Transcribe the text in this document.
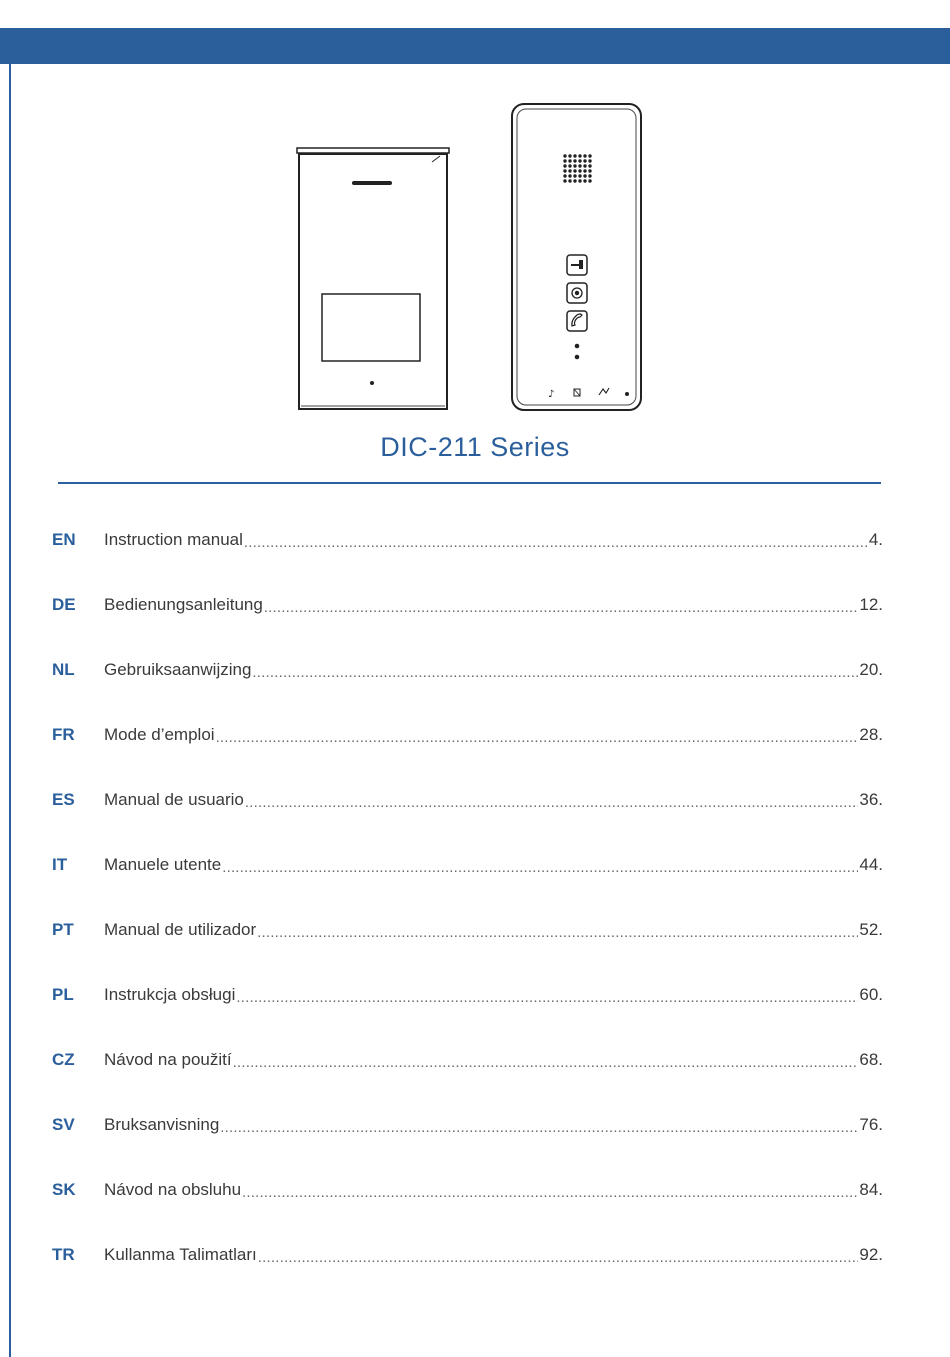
♪
DIC-211 Series
EN	Instruction manual .....	4.
DE	Bedienungsanleitung .....	12.
NL	Gebruiksaanwijzing .....	20.
FR	Mode d’emploi .....	28.
ES	Manual de usuario .....	36.
IT	Manuele utente .....	44.
PT	Manual de utilizador .....	52.
PL	Instrukcja obsługi .....	60.
CZ	Návod na použití .....	68.
SV	Bruksanvisning .....	76.
SK	Návod na obsluhu .....	84.
TR	Kullanma Talimatları .....	92.
